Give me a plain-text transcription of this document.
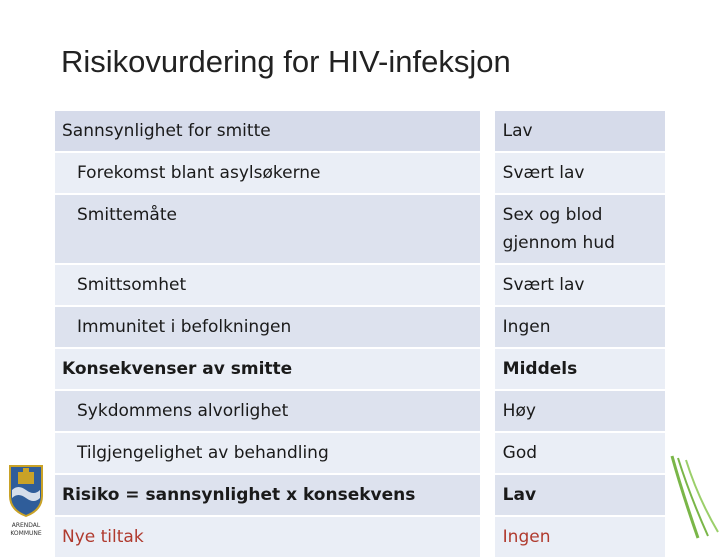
Risikovurdering for HIV-infeksjon
Sannsynlighet for smitte	Lav
Forekomst blant asylsøkerne	Svært lav
Smittemåte	Sex og blod gjennom hud
Smittsomhet	Svært lav
Immunitet i befolkningen	Ingen
Konsekvenser av smitte	Middels
Sykdommens alvorlighet	Høy
Tilgjengelighet av behandling	God
Risiko = sannsynlighet x konsekvens	Lav
Nye tiltak	Ingen
ARENDAL
KOMMUNE
